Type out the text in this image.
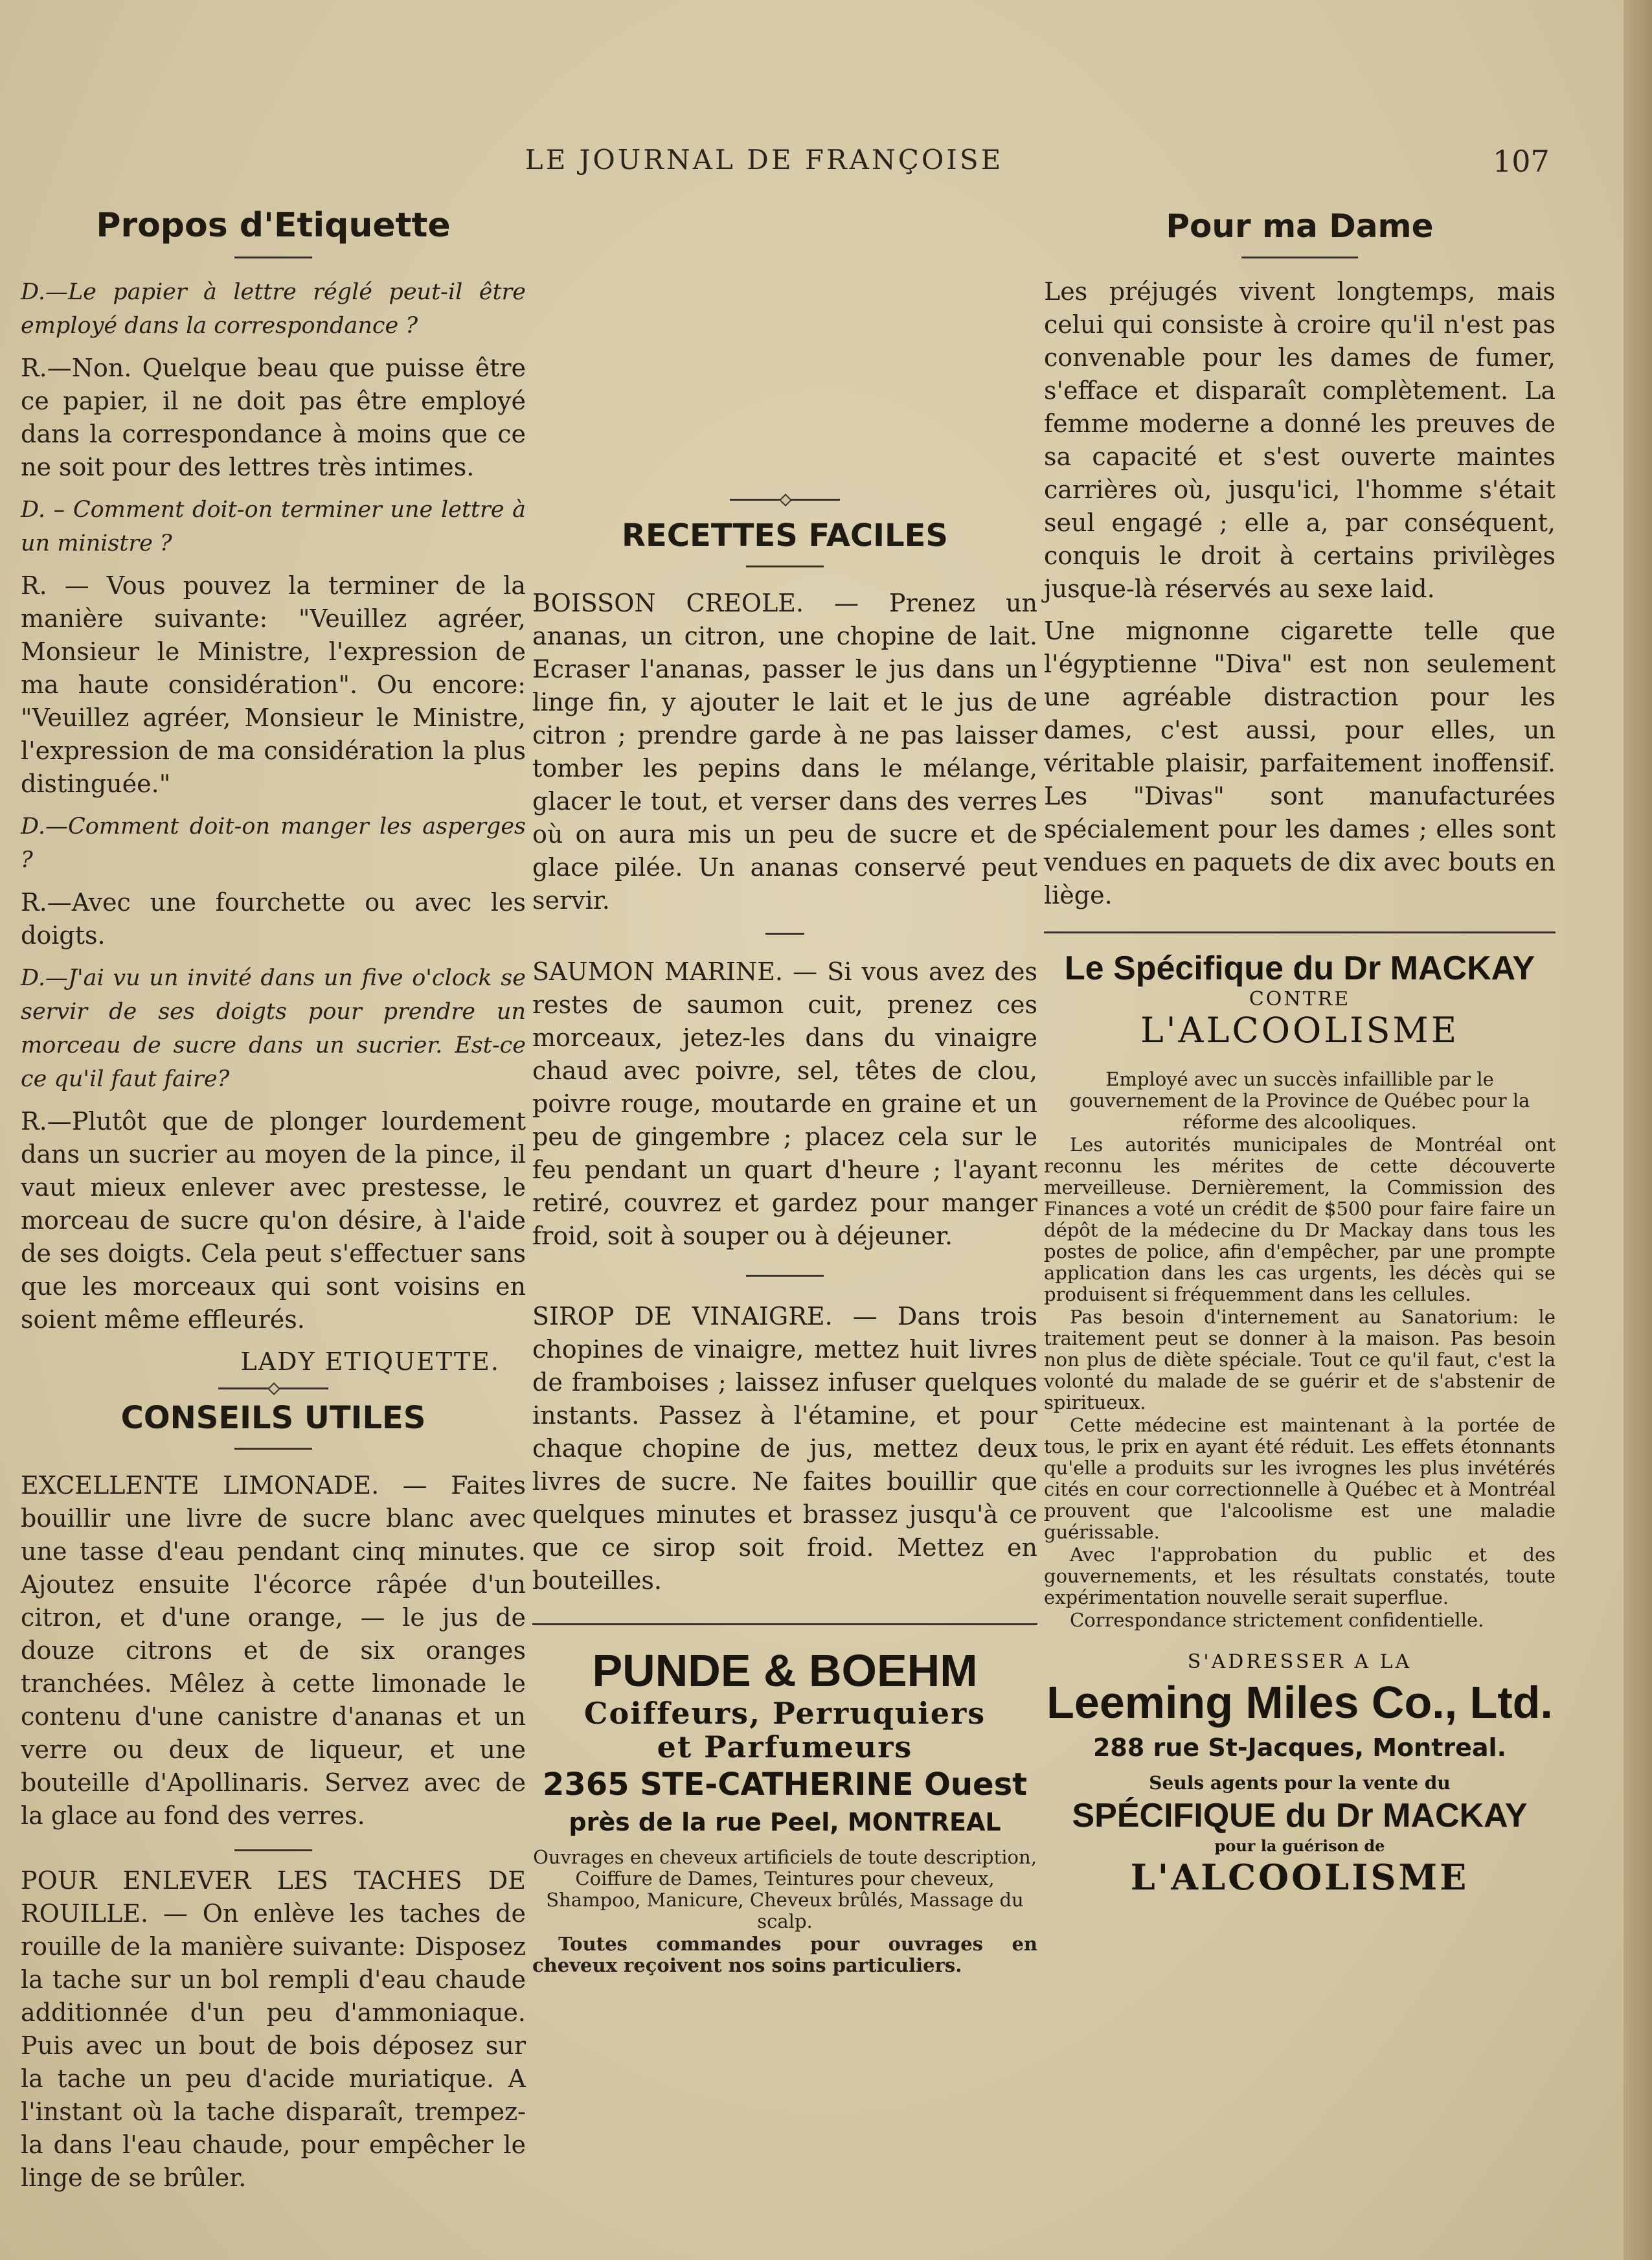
LE JOURNAL DE FRANÇOISE	107
Propos d'Etiquette

D.—Le papier à lettre réglé peut-il être employé dans la correspondance ?

R.—Non. Quelque beau que puisse être ce papier, il ne doit pas être employé dans la correspondance à moins que ce ne soit pour des lettres très intimes.

D. – Comment doit-on terminer une lettre à un ministre ?

R. — Vous pouvez la terminer de la manière suivante: "Veuillez agréer, Monsieur le Ministre, l'expression de ma haute considération". Ou encore: "Veuillez agréer, Monsieur le Ministre, l'expression de ma considération la plus distinguée."

D.—Comment doit-on manger les asperges ?

R.—Avec une fourchette ou avec les doigts.

D.—J'ai vu un invité dans un five o'clock se servir de ses doigts pour prendre un morceau de sucre dans un sucrier. Est-ce ce qu'il faut faire?

R.—Plutôt que de plonger lourdement dans un sucrier au moyen de la pince, il vaut mieux enlever avec prestesse, le morceau de sucre qu'on désire, à l'aide de ses doigts. Cela peut s'effectuer sans que les morceaux qui sont voisins en soient même effleurés.

LADY ETIQUETTE.

CONSEILS UTILES

EXCELLENTE LIMONADE. — Faites bouillir une livre de sucre blanc avec une tasse d'eau pendant cinq minutes. Ajoutez ensuite l'écorce râpée d'un citron, et d'une orange, — le jus de douze citrons et de six oranges tranchées. Mêlez à cette limonade le contenu d'une canistre d'ananas et un verre ou deux de liqueur, et une bouteille d'Apollinaris. Servez avec de la glace au fond des verres.

POUR ENLEVER LES TACHES DE ROUILLE. — On enlève les taches de rouille de la manière suivante: Disposez la tache sur un bol rempli d'eau chaude additionnée d'un peu d'ammoniaque. Puis avec un bout de bois déposez sur la tache un peu d'acide muriatique. A l'instant où la tache disparaît, trempez-la dans l'eau chaude, pour empêcher le linge de se brûler.

RECETTES FACILES

BOISSON CREOLE. — Prenez un ananas, un citron, une chopine de lait. Ecraser l'ananas, passer le jus dans un linge fin, y ajouter le lait et le jus de citron ; prendre garde à ne pas laisser tomber les pepins dans le mélange, glacer le tout, et verser dans des verres où on aura mis un peu de sucre et de glace pilée. Un ananas conservé peut servir.

SAUMON MARINE. — Si vous avez des restes de saumon cuit, prenez ces morceaux, jetez-les dans du vinaigre chaud avec poivre, sel, têtes de clou, poivre rouge, moutarde en graine et un peu de gingembre ; placez cela sur le feu pendant un quart d'heure ; l'ayant retiré, couvrez et gardez pour manger froid, soit à souper ou à déjeuner.

SIROP DE VINAIGRE. — Dans trois chopines de vinaigre, mettez huit livres de framboises ; laissez infuser quelques instants. Passez à l'étamine, et pour chaque chopine de jus, mettez deux livres de sucre. Ne faites bouillir que quelques minutes et brassez jusqu'à ce que ce sirop soit froid. Mettez en bouteilles.

PUNDE & BOEHM
Coiffeurs, Perruquiers
et Parfumeurs
2365 STE-CATHERINE Ouest
près de la rue Peel, MONTREAL

Ouvrages en cheveux artificiels de toute description, Coiffure de Dames, Teintures pour cheveux, Shampoo, Manicure, Cheveux brûlés, Massage du scalp.

Toutes commandes pour ouvrages en cheveux reçoivent nos soins particuliers.

Pour ma Dame

Les préjugés vivent longtemps, mais celui qui consiste à croire qu'il n'est pas convenable pour les dames de fumer, s'efface et disparaît complètement. La femme moderne a donné les preuves de sa capacité et s'est ouverte maintes carrières où, jusqu'ici, l'homme s'était seul engagé ; elle a, par conséquent, conquis le droit à certains privilèges jusque-là réservés au sexe laid.

Une mignonne cigarette telle que l'égyptienne "Diva" est non seulement une agréable distraction pour les dames, c'est aussi, pour elles, un véritable plaisir, parfaitement inoffensif. Les "Divas" sont manufacturées spécialement pour les dames ; elles sont vendues en paquets de dix avec bouts en liège.

Le Spécifique du Dr MACKAY
CONTRE
L'ALCOOLISME

Employé avec un succès infaillible par le gouvernement de la Province de Québec pour la réforme des alcooliques.

Les autorités municipales de Montréal ont reconnu les mérites de cette découverte merveilleuse. Dernièrement, la Commission des Finances a voté un crédit de $500 pour faire faire un dépôt de la médecine du Dr Mackay dans tous les postes de police, afin d'empêcher, par une prompte application dans les cas urgents, les décès qui se produisent si fréquemment dans les cellules.

Pas besoin d'internement au Sanatorium: le traitement peut se donner à la maison. Pas besoin non plus de diète spéciale. Tout ce qu'il faut, c'est la volonté du malade de se guérir et de s'abstenir de spiritueux.

Cette médecine est maintenant à la portée de tous, le prix en ayant été réduit. Les effets étonnants qu'elle a produits sur les ivrognes les plus invétérés cités en cour correctionnelle à Québec et à Montréal prouvent que l'alcoolisme est une maladie guérissable.

Avec l'approbation du public et des gouvernements, et les résultats constatés, toute expérimentation nouvelle serait superflue.

Correspondance strictement confidentielle.

S'ADRESSER A LA
Leeming Miles Co., Ltd.
288 rue St-Jacques, Montreal.
Seuls agents pour la vente du
SPÉCIFIQUE du Dr MACKAY
pour la guérison de
L'ALCOOLISME
